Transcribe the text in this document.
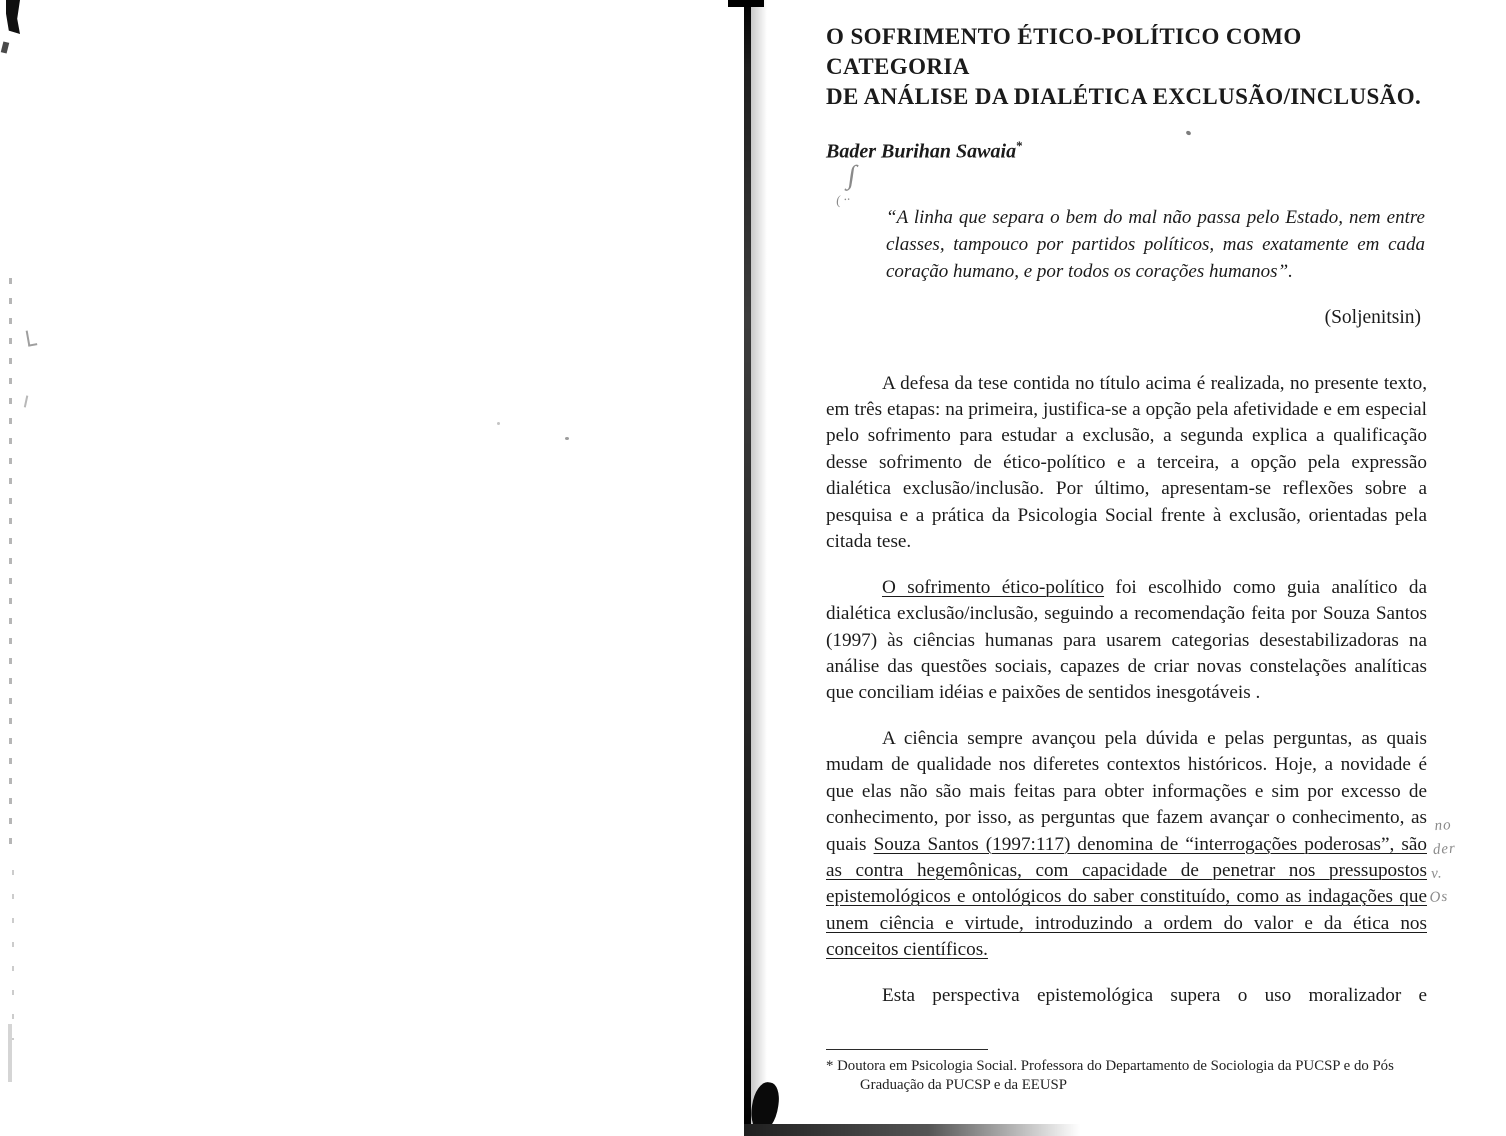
∫
( ··
no
der
v.
Os
O SOFRIMENTO ÉTICO-POLÍTICO COMO CATEGORIA
DE ANÁLISE DA DIALÉTICA EXCLUSÃO/INCLUSÃO.
Bader Burihan Sawaia*
“A linha que separa o bem do mal não passa pelo Estado, nem entre classes, tampouco por partidos políticos, mas exatamente em cada coração humano, e por todos os corações humanos”.
(Soljenitsin)

A defesa da tese contida no título acima é realizada, no presente texto, em três etapas: na primeira, justifica-se a opção pela afetividade e em especial pelo sofrimento para estudar a exclusão, a segunda explica a qualificação desse sofrimento de ético-político e a terceira, a opção pela expressão dialética exclusão/inclusão. Por último, apresentam-se reflexões sobre a pesquisa e a prática da Psicologia Social frente à exclusão, orientadas pela citada tese.

O sofrimento ético-político foi escolhido como guia analítico da dialética exclusão/inclusão, seguindo a recomendação feita por Souza Santos (1997) às ciências humanas para usarem categorias desestabilizadoras na análise das questões sociais, capazes de criar novas constelações analíticas que conciliam idéias e paixões de sentidos inesgotáveis .

A ciência sempre avançou pela dúvida e pelas perguntas, as quais mudam de qualidade nos diferetes contextos históricos. Hoje, a novidade é que elas não são mais feitas para obter informações e sim por excesso de conhecimento, por isso, as perguntas que fazem avançar o conhecimento, as quais Souza Santos (1997:117) denomina de “interrogações poderosas”, são as contra hegemônicas, com capacidade de penetrar nos pressupostos epistemológicos e ontológicos do saber constituído, como as indagações que unem ciência e virtude, introduzindo a ordem do valor e da ética nos conceitos científicos.

Esta perspectiva epistemológica supera o uso moralizador e

* Doutora em Psicologia Social. Professora do Departamento de Sociologia da PUCSP e do Pós
Graduação da PUCSP e da EEUSP
